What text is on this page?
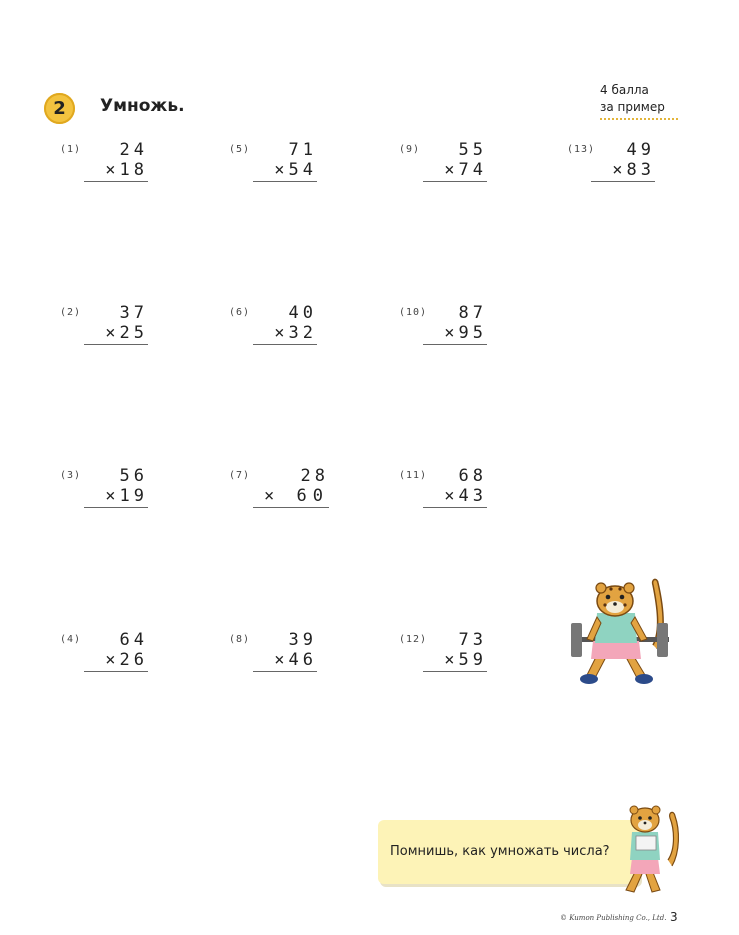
2 Умножь.
4 балла
за пример
(1)	24
×18
(2)	37
×25
(3)	56
×19
(4)	64
×26
(5)	71
×54
(6)	40
×32
(7)	28
× 60
(8)	39
×46
(9)	55
×74
(10)	87
×95
(11)	68
×43
(12)	73
×59
(13)	49
×83
Помнишь, как умножать числа?
© Kumon Publishing Co., Ltd. 3
